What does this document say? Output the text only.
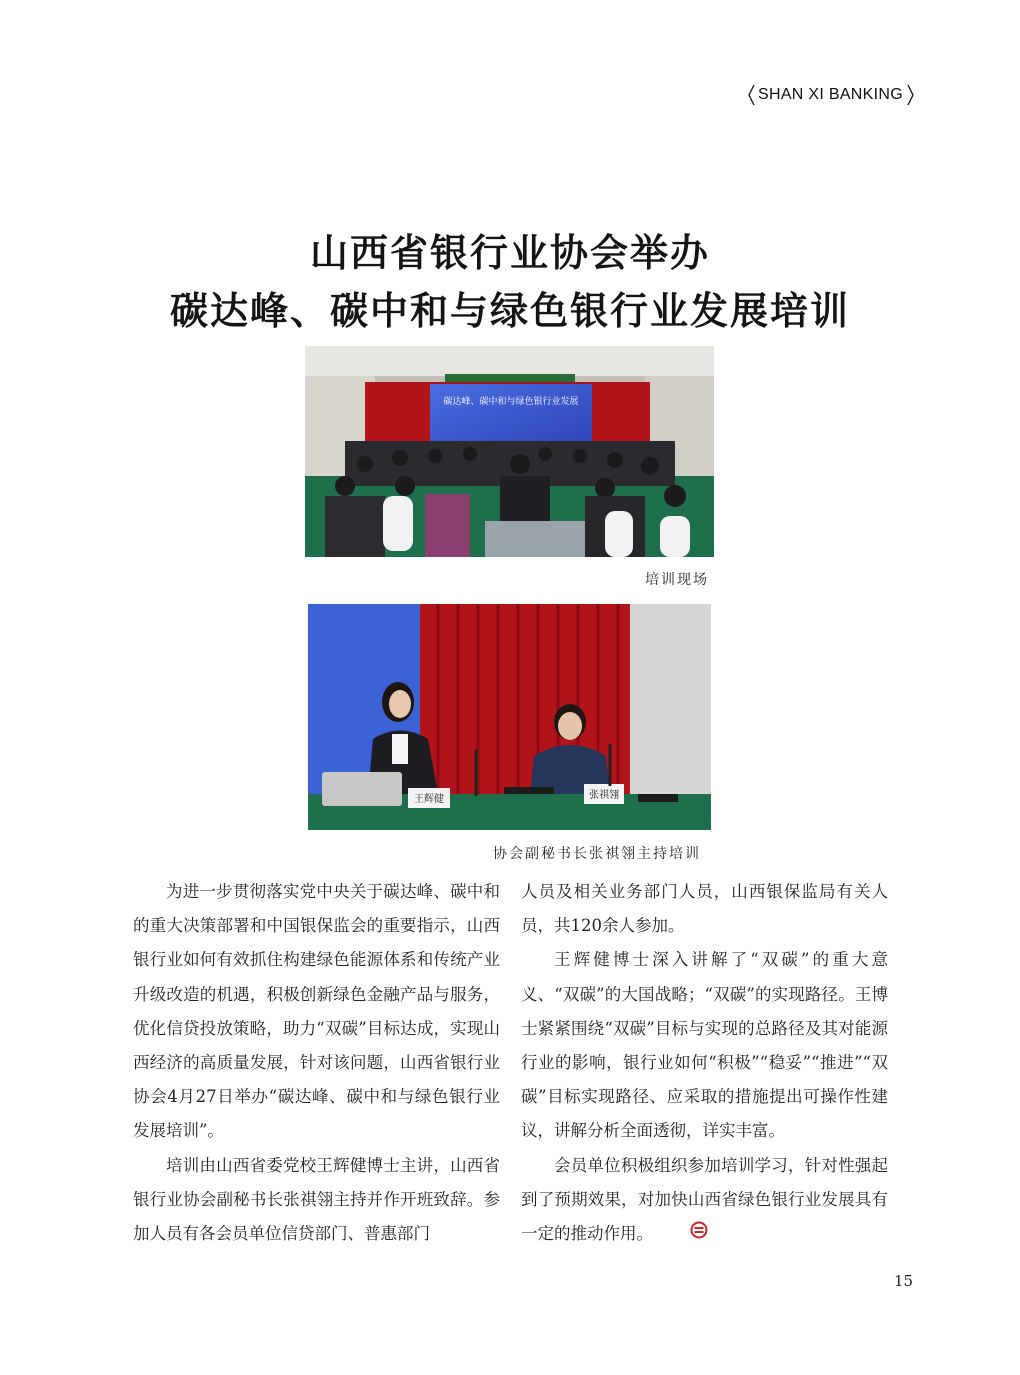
SHAN XI BANKING
山西省银行业协会举办
碳达峰、碳中和与绿色银行业发展培训
碳达峰、碳中和与绿色银行业发展
培训现场
王辉健	张祺翎
协会副秘书长张祺翎主持培训

为进一步贯彻落实党中央关于碳达峰、碳中和的重大决策部署和中国银保监会的重要指示，山西银行业如何有效抓住构建绿色能源体系和传统产业升级改造的机遇，积极创新绿色金融产品与服务，优化信贷投放策略，助力“双碳”目标达成，实现山西经济的高质量发展，针对该问题，山西省银行业协会4月27日举办“碳达峰、碳中和与绿色银行业发展培训”。

培训由山西省委党校王辉健博士主讲，山西省银行业协会副秘书长张祺翎主持并作开班致辞。参加人员有各会员单位信贷部门、普惠部门

人员及相关业务部门人员，山西银保监局有关人员，共120余人参加。

王辉健博士深入讲解了“双碳”的重大意义、“双碳”的大国战略；“双碳”的实现路径。王博士紧紧围绕“双碳”目标与实现的总路径及其对能源行业的影响，银行业如何“积极”“稳妥”“推进”“双碳”目标实现路径、应采取的措施提出可操作性建议，讲解分析全面透彻，详实丰富。

会员单位积极组织参加培训学习，针对性强起到了预期效果，对加快山西省绿色银行业发展具有一定的推动作用。

15
